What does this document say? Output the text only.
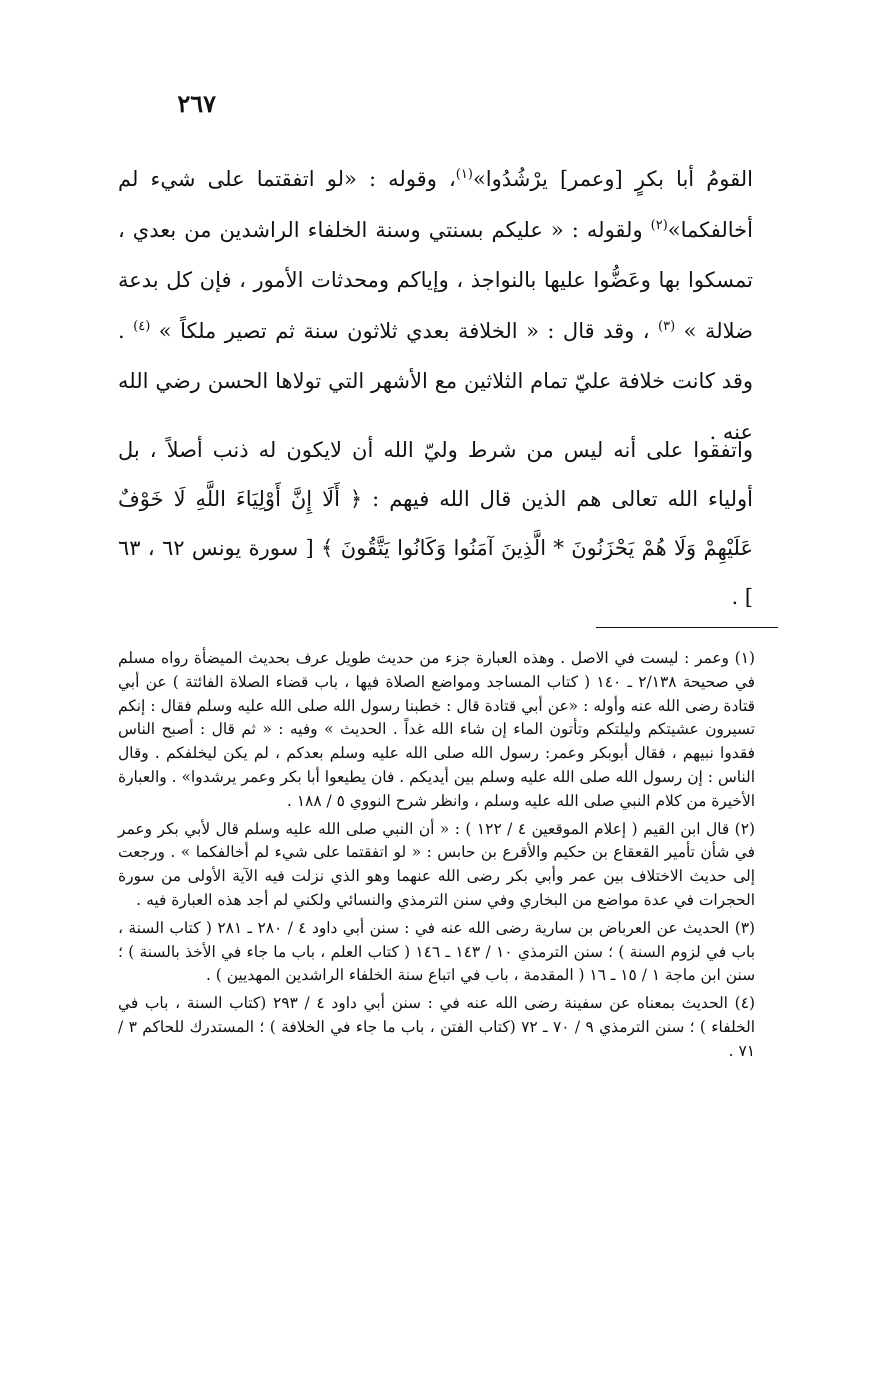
٢٦٧

القومُ أبا بكرٍ [وعمر] يرْشُدُوا»$^{(١)}$، وقوله : «لو اتفقتما على شيء لم أخالفكما»$^{(٢)}$ ولقوله : « عليكم بسنتي وسنة الخلفاء الراشدين من بعدي ، تمسكوا بها وعَضُّوا عليها بالنواجذ ، وإياكم ومحدثات الأمور ، فإن كل بدعة ضلالة » $^{(٣)}$ ، وقد قال : « الخلافة بعدي ثلاثون سنة ثم تصير ملكاً » $^{(٤)}$ . وقد كانت خلافة عليّ تمام الثلاثين مع الأشهر التي تولاها الحسن رضي الله عنه .

واتفقوا على أنه ليس من شرط وليّ الله أن لايكون له ذنب أصلاً ، بل أولياء الله تعالى هم الذين قال الله فيهم : ﴿ أَلَا إِنَّ أَوْلِيَاءَ اللَّهِ لَا خَوْفٌ عَلَيْهِمْ وَلَا هُمْ يَحْزَنُونَ * الَّذِينَ آمَنُوا وَكَانُوا يَتَّقُونَ ﴾ [ سورة يونس ٦٢ ، ٦٣ ] .

(١) وعمر : ليست في الاصل . وهذه العبارة جزء من حديث طويل عرف بحديث الميضأة رواه مسلم في صحيحة ٢/١٣٨ ـ ١٤٠ ( كتاب المساجد ومواضع الصلاة فيها ، باب قضاء الصلاة الفائتة ) عن أبي قتادة رضى الله عنه وأوله : «عن أبي قتادة قال : خطبنا رسول الله صلى الله عليه وسلم فقال : إنكم تسيرون عشيتكم وليلتكم وتأتون الماء إن شاء الله غداً . الحديث » وفيه : « ثم قال : أصبح الناس فقدوا نبيهم ، فقال أبوبكر وعمر: رسول الله صلى الله عليه وسلم بعدكم ، لم يكن ليخلفكم . وقال الناس : إن رسول الله صلى الله عليه وسلم بين أيديكم . فان يطيعوا أبا بكر وعمر يرشدوا» . والعبارة الأخيرة من كلام النبي صلى الله عليه وسلم ، وانظر شرح النووي ٥ / ١٨٨ .

(٢) قال ابن القيم ( إعلام الموقعين ٤ / ١٢٢ ) : « أن النبي صلى الله عليه وسلم قال لأبي بكر وعمر في شأن تأمير القعقاع بن حكيم والأقرع بن حابس : « لو اتفقتما على شيء لم أخالفكما » . ورجعت إلى حديث الاختلاف بين عمر وأبي بكر رضى الله عنهما وهو الذي نزلت فيه الآية الأولى من سورة الحجرات في عدة مواضع من البخاري وفي سنن الترمذي والنسائي ولكني لم أجد هذه العبارة فيه .

(٣) الحديث عن العرباض بن سارية رضى الله عنه في : سنن أبي داود ٤ / ٢٨٠ ـ ٢٨١ ( كتاب السنة ، باب في لزوم السنة ) ؛ سنن الترمذي ١٠ / ١٤٣ ـ ١٤٦ ( كتاب العلم ، باب ما جاء في الأخذ بالسنة ) ؛ سنن ابن ماجة ١ / ١٥ ـ ١٦ ( المقدمة ، باب في اتباع سنة الخلفاء الراشدين المهديين ) .

(٤) الحديث بمعناه عن سفينة رضى الله عنه في : سنن أبي داود ٤ / ٢٩٣ (كتاب السنة ، باب في الخلفاء ) ؛ سنن الترمذي ٩ / ٧٠ ـ ٧٢ (كتاب الفتن ، باب ما جاء في الخلافة ) ؛ المستدرك للحاكم ٣ / ٧١ .
